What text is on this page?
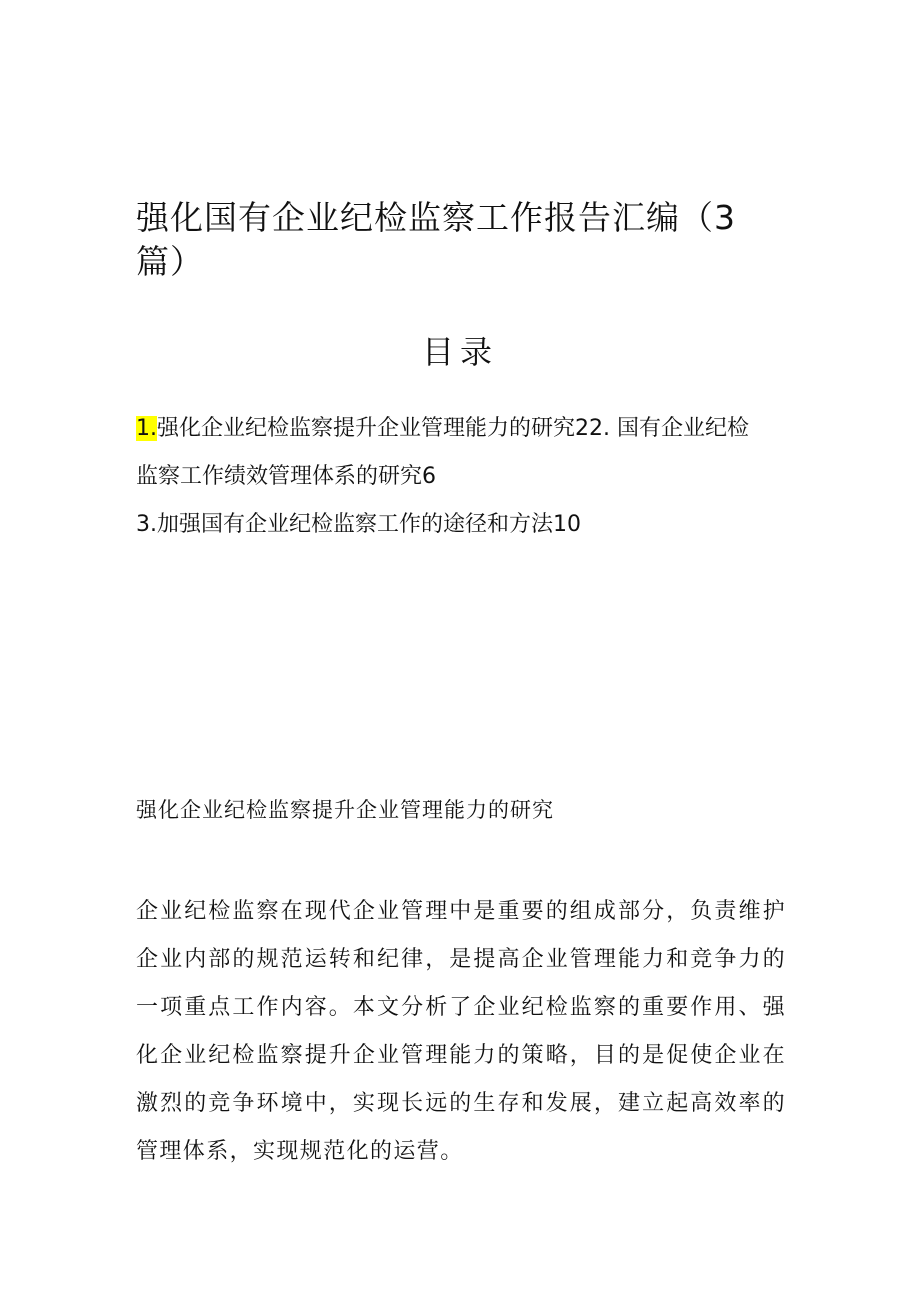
强化国有企业纪检监察工作报告汇编（3篇）
目录
1.强化企业纪检监察提升企业管理能力的研究22. 国有企业纪检
监察工作绩效管理体系的研究6
3.加强国有企业纪检监察工作的途径和方法10
强化企业纪检监察提升企业管理能力的研究

企业纪检监察在现代企业管理中是重要的组成部分，负责维护企业内部的规范运转和纪律，是提高企业管理能力和竞争力的一项重点工作内容。本文分析了企业纪检监察的重要作用、强化企业纪检监察提升企业管理能力的策略，目的是促使企业在激烈的竞争环境中，实现长远的生存和发展，建立起高效率的管理体系，实现规范化的运营。
